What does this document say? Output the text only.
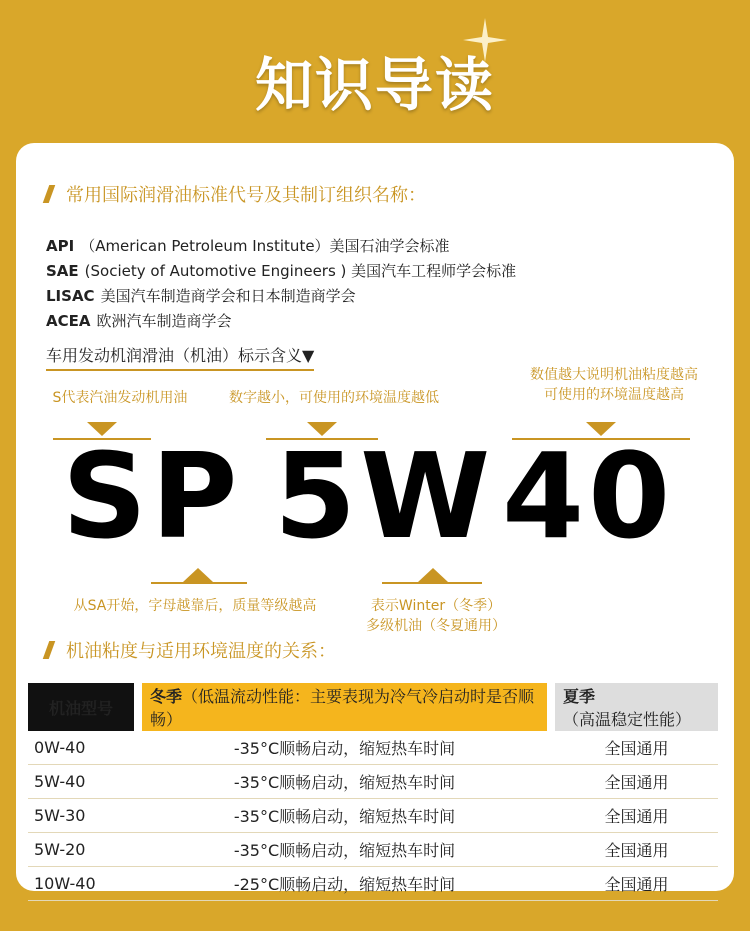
知识导读
常用国际润滑油标准代号及其制订组织名称：
API （American Petroleum Institute）美国石油学会标准
SAE (Society of Automotive Engineers ) 美国汽车工程师学会标准
LISAC 美国汽车制造商学会和日本制造商学会
ACEA 欧洲汽车制造商学会
车用发动机润滑油（机油）标示含义▼
S代表汽油发动机用油	数字越小，可使用的环境温度越低
数值越大说明机油粘度越高
可使用的环境温度越高
SP 5W 40
从SA开始，字母越靠后，质量等级越高	表示Winter（冬季）
多级机油（冬夏通用）
机油粘度与适用环境温度的关系：
机油型号		冬季（低温流动性能：主要表现为冷气冷启动时是否顺畅）		夏季（高温稳定性能）
0W-40		-35°C顺畅启动，缩短热车时间		全国通用
5W-40		-35°C顺畅启动，缩短热车时间		全国通用
5W-30		-35°C顺畅启动，缩短热车时间		全国通用
5W-20		-35°C顺畅启动，缩短热车时间		全国通用
10W-40		-25°C顺畅启动，缩短热车时间		全国通用
